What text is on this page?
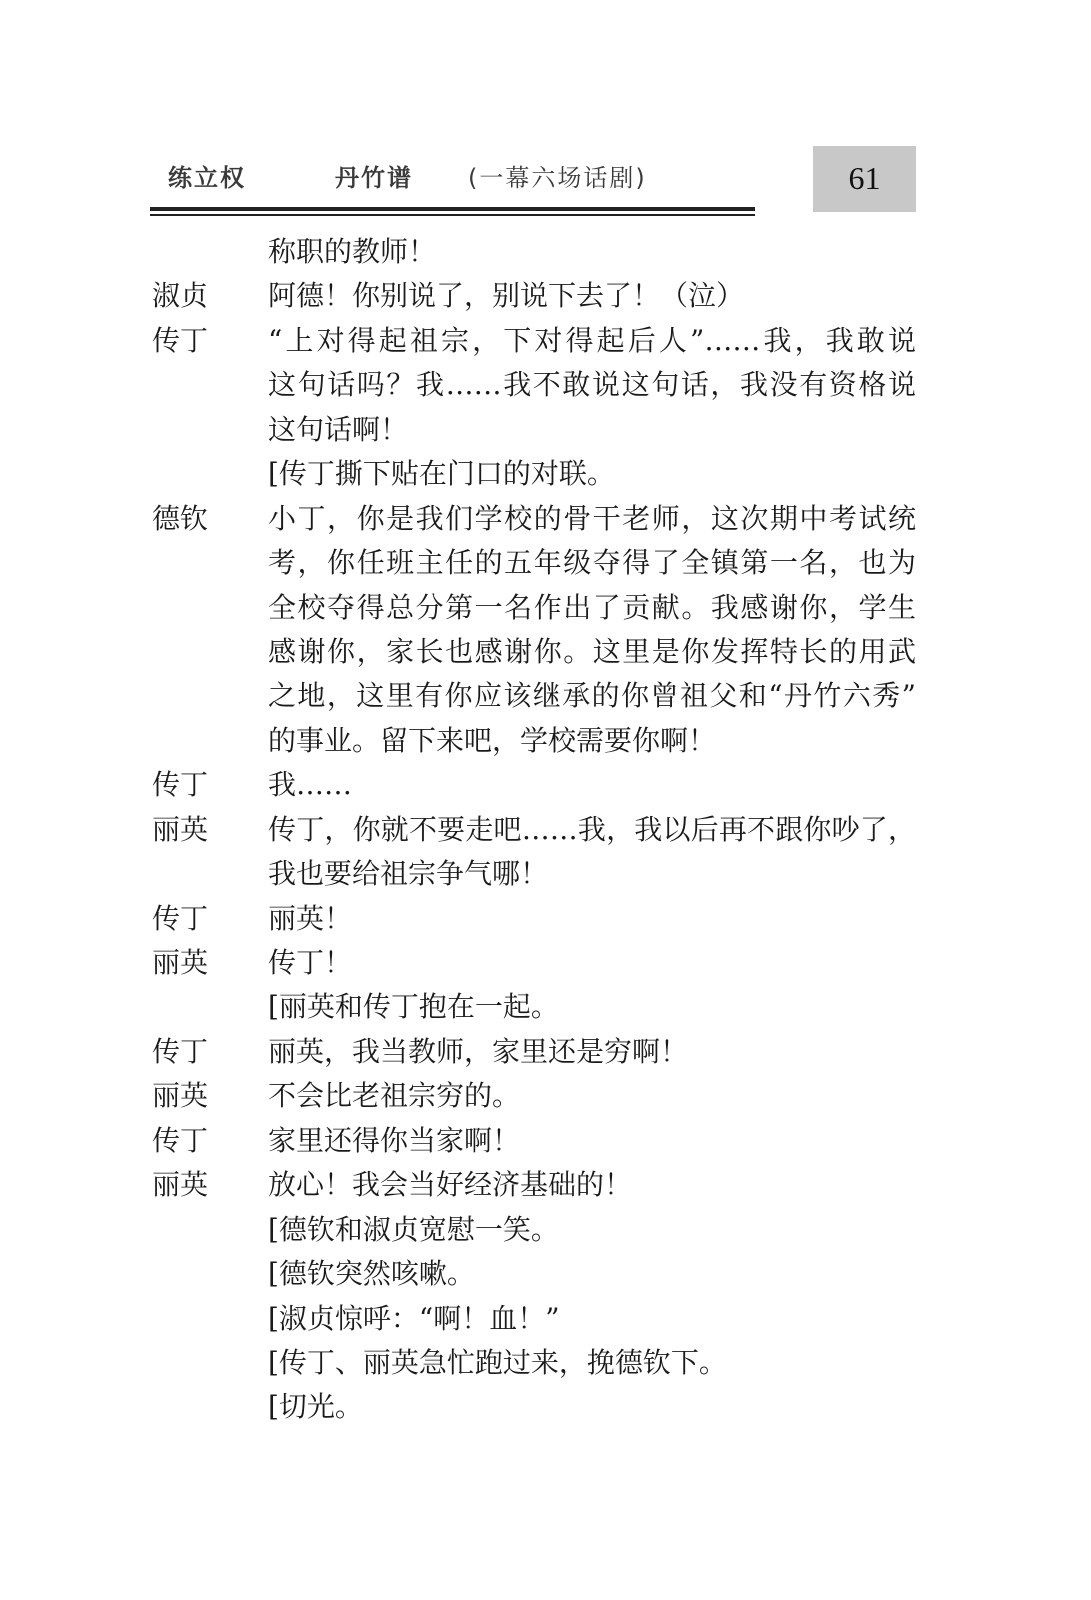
练立权	丹竹谱 (一幕六场话剧)	61
称职的教师！
淑贞 阿德！你别说了，别说下去了！（泣）
传丁 “上对得起祖宗，下对得起后人”……我，我敢说
这句话吗？我……我不敢说这句话，我没有资格说
这句话啊！
[传丁撕下贴在门口的对联。
德钦 小丁，你是我们学校的骨干老师，这次期中考试统
考，你任班主任的五年级夺得了全镇第一名，也为
全校夺得总分第一名作出了贡献。我感谢你，学生
感谢你，家长也感谢你。这里是你发挥特长的用武
之地，这里有你应该继承的你曾祖父和“丹竹六秀”
的事业。留下来吧，学校需要你啊！
传丁 我……
丽英 传丁，你就不要走吧……我，我以后再不跟你吵了，
我也要给祖宗争气哪！
传丁 丽英！
丽英 传丁！
[丽英和传丁抱在一起。
传丁 丽英，我当教师，家里还是穷啊！
丽英 不会比老祖宗穷的。
传丁 家里还得你当家啊！
丽英 放心！我会当好经济基础的！
[德钦和淑贞宽慰一笑。
[德钦突然咳嗽。
[淑贞惊呼：“啊！血！”
[传丁、丽英急忙跑过来，挽德钦下。
[切光。
